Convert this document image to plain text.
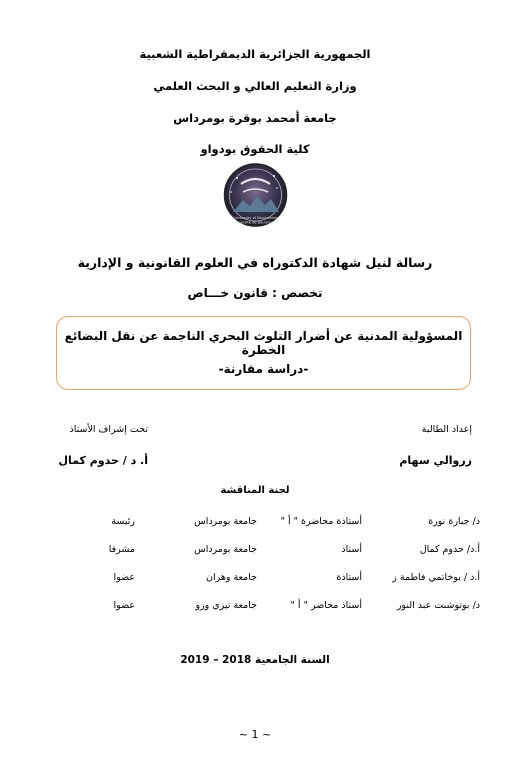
الجمهورية الجزائرية الديمقراطية الشعبية
وزارة التعليم العالي و البحث العلمي
جامعة أمحمد بوقرة بومرداس
كلية الحقوق بودواو
University of Boumerdes
Université de Boumerdes
رسالة لنيل شهادة الدكتوراه في العلوم القانونية و الإدارية
تخصص : قانون خـــاص
المسؤولية المدنية عن أضرار التلوث البحري الناجمة عن نقل البضائع الخطرة
-دراسة مقارنة-
إعداد الطالبة
تحت إشراف الأستاذ
زروالي سهام
أ. د / حدوم كمال
لجنة المناقشة
د/ جبارة نورة
أستاذة محاضرة " أ "
جامعة بومرداس
رئيسة
أ.د/ حدوم كمال
أستاذ
جامعة بومرداس
مشرفا
أ.د / بوخاتمي فاطمة ز
أستاذة
جامعة وهران
عضوا
د/ بوتوشنت عبد النور
أستاذ محاضر " أ "
جامعة تيزي وزو
عضوا
السنة الجامعية 2018 – 2019
~ 1 ~
